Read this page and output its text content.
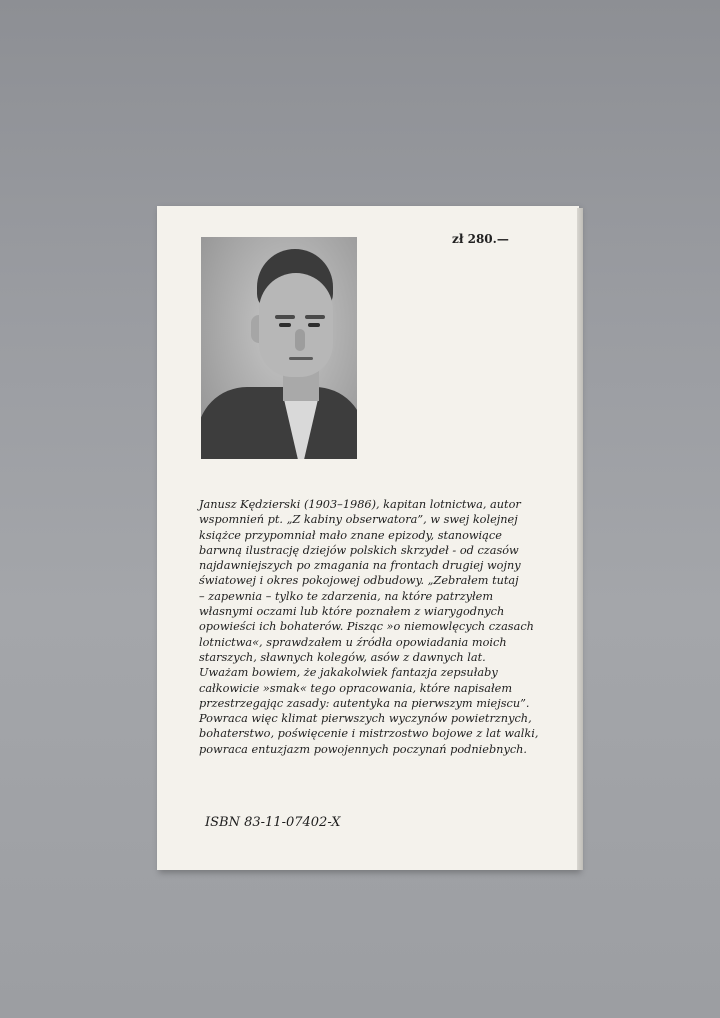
zł 280.—

Janusz Kędzierski (1903–1986), kapitan lotnictwa, autor
wspomnień pt. „Z kabiny obserwatora”, w swej kolejnej
książce przypomniał mało znane epizody, stanowiące
barwną ilustrację dziejów polskich skrzydeł - od czasów
najdawniejszych po zmagania na frontach drugiej wojny
światowej i okres pokojowej odbudowy. „Zebrałem tutaj
– zapewnia – tylko te zdarzenia, na które patrzyłem
własnymi oczami lub które poznałem z wiarygodnych
opowieści ich bohaterów. Pisząc »o niemowlęcych czasach
lotnictwa«, sprawdzałem u źródła opowiadania moich
starszych, sławnych kolegów, asów z dawnych lat.
Uważam bowiem, że jakakolwiek fantazja zepsułaby
całkowicie »smak« tego opracowania, które napisałem
przestrzegając zasady: autentyka na pierwszym miejscu”.
Powraca więc klimat pierwszych wyczynów powietrznych,
bohaterstwo, poświęcenie i mistrzostwo bojowe z lat walki,
powraca entuzjazm powojennych poczynań podniebnych.

ISBN 83-11-07402-X
